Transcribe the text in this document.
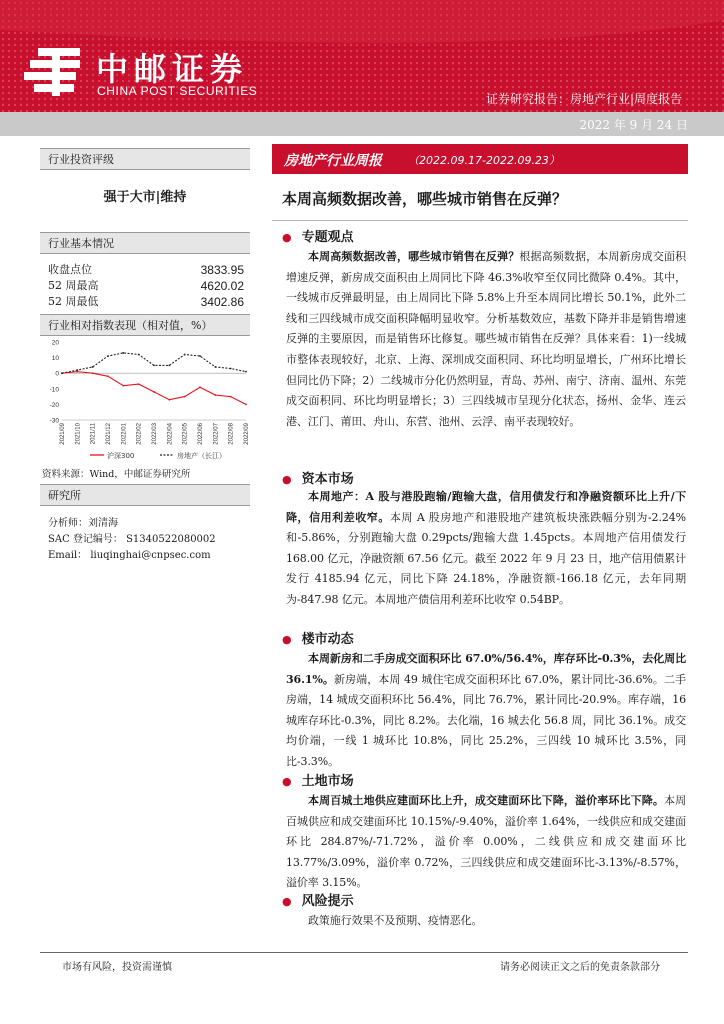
中邮证券
CHINA POST SECURITIES
证券研究报告：房地产行业|周度报告
2022 年 9 月 24 日
行业投资评级
强于大市|维持
行业基本情况
收盘点位	3833.95
52 周最高	4620.02
52 周最低	3402.86
行业相对指数表现（相对值，%）
20
10
0
-10
-20
-30
2021/09 2021/10 2021/11 2021/12 2022/01 2022/02 2022/03 2022/04 2022/05 2022/06 2022/07 2022/08 2022/09
沪深300	房地产（长江）
资料来源：Wind，中邮证券研究所
研究所
分析师：刘清海
SAC 登记编号： S1340522080002
Email： liuqinghai@cnpsec.com
房地产行业周报 （2022.09.17-2022.09.23）
本周高频数据改善，哪些城市销售在反弹？
● 专题观点
本周高频数据改善，哪些城市销售在反弹？根据高频数据，本周新房成交面积增速反弹，新房成交面积由上周同比下降 46.3%收窄至仅同比微降 0.4%。其中，一线城市反弹最明显，由上周同比下降 5.8%上升至本周同比增长 50.1%，此外二线和三四线城市成交面积降幅明显收窄。分析基数效应，基数下降并非是销售增速反弹的主要原因，而是销售环比修复。哪些城市销售在反弹？具体来看：1)一线城市整体表现较好，北京、上海、深圳成交面积同、环比均明显增长，广州环比增长但同比仍下降；2）二线城市分化仍然明显，青岛、苏州、南宁、济南、温州、东莞成交面积同、环比均明显增长；3）三四线城市呈现分化状态，扬州、金华、连云港、江门、莆田、舟山、东营、池州、云浮、南平表现较好。
● 资本市场
本周地产：A 股与港股跑输/跑输大盘，信用债发行和净融资额环比上升/下降，信用利差收窄。本周 A 股房地产和港股地产建筑板块涨跌幅分别为-2.24%和-5.86%，分别跑输大盘 0.29pcts/跑输大盘 1.45pcts。本周地产信用债发行 168.00 亿元，净融资额 67.56 亿元。截至 2022 年 9 月 23 日，地产信用债累计发行 4185.94 亿元，同比下降 24.18%，净融资额-166.18 亿元，去年同期为-847.98 亿元。本周地产债信用利差环比收窄 0.54BP。
● 楼市动态
本周新房和二手房成交面积环比 67.0%/56.4%，库存环比-0.3%，去化周比 36.1%。新房端，本周 49 城住宅成交面积环比 67.0%，累计同比-36.6%。二手房端，14 城成交面积环比 56.4%，同比 76.7%，累计同比-20.9%。库存端，16 城库存环比-0.3%，同比 8.2%。去化端，16 城去化 56.8 周，同比 36.1%。成交均价端，一线 1 城环比 10.8%，同比 25.2%，三四线 10 城环比 3.5%，同比-3.3%。
● 土地市场
本周百城土地供应建面环比上升，成交建面环比下降，溢价率环比下降。本周百城供应和成交建面环比 10.15%/-9.40%，溢价率 1.64%，一线供应和成交建面环比 284.87%/-71.72%，溢价率 0.00%，二线供应和成交建面环比 13.77%/3.09%，溢价率 0.72%，三四线供应和成交建面环比-3.13%/-8.57%，溢价率 3.15%。
● 风险提示
政策施行效果不及预期、疫情恶化。
市场有风险，投资需谨慎	请务必阅读正文之后的免责条款部分
